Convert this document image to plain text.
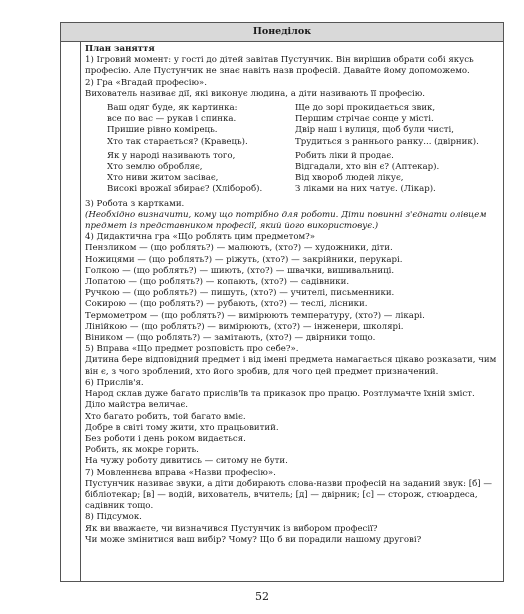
Понеділок

План заняття

1) Ігровий момент: у гості до дітей завітав Пустунчик. Він вирішив обрати собі якусь

професію. Але Пустунчик не знає навіть назв професій. Давайте йому допоможемо.

2) Гра «Вгадай професію».

Вихователь називає дії, які виконує людина, а діти називають її професію.

Ваш одяг буде, як картинка:

все по вас — рукав і спинка.

Пришие рівно комірець.

Хто так старається? (Кравець).

Ще до зорі прокидається звик,

Першим стрічає сонце у місті.

Двір наш і вулиця, щоб були чисті,

Трудиться з раннього ранку... (двірник).

Як у народі називають того,

Хто землю обробляє,

Хто ниви житом засіває,

Високі врожаї збирає? (Хлібороб).

Робить ліки й продає.

Відгадали, хто він є? (Аптекар).

Від хвороб людей лікує,

З ліками на них чатує. (Лікар).

3) Робота з картками.

(Необхідно визначити, кому що потрібно для роботи. Діти повинні з'єднати олівцем предмет із представником професії, який його використовує.)

4) Дидактична гра «Що роблять цим предметом?»

Пензликом — (що роблять?) — малюють, (хто?) — художники, діти.

Ножицями — (що роблять?) — ріжуть, (хто?) — закрійники, перукарі.

Голкою — (що роблять?) — шиють, (хто?) — швачки, вишивальниці.

Лопатою — (що роблять?) — копають, (хто?) — садівники.

Ручкою — (що роблять?) — пишуть, (хто?) — учителі, письменники.

Сокирою — (що роблять?) — рубають, (хто?) — теслі, лісники.

Термометром — (що роблять?) — вимірюють температуру, (хто?) — лікарі.

Лінійкою — (що роблять?) — вимірюють, (хто?) — інженери, школярі.

Віником — (що роблять?) — замітають, (хто?) — двірники тощо.

5) Вправа «Що предмет розповість про себе?».

Дитина бере відповідний предмет і від імені предмета намагається цікаво розказати, чим він є, з чого зроблений, хто його зробив, для чого цей предмет призначений.

6) Прислів'я.

Народ склав дуже багато прислів'їв та приказок про працю. Розтлумачте їхній зміст.

Діло майстра величає.

Хто багато робить, той багато вміє.

Добре в світі тому жити, хто працьовитий.

Без роботи і день роком видається.

Робить, як мокре горить.

На чужу роботу дивитись — ситому не бути.

7) Мовленнєва вправа «Назви професію».

Пустунчик називає звуки, а діти добирають слова-назви професій на заданий звук: [б] — бібліотекар; [в] — водій, вихователь, вчитель; [д] — двірник; [с] — сторож, стюардеса, садівник тощо.

8) Підсумок.

Як ви вважаєте, чи визначився Пустунчик із вибором професії?

Чи може змінитися ваш вибір? Чому? Що б ви порадили нашому другові?

52
